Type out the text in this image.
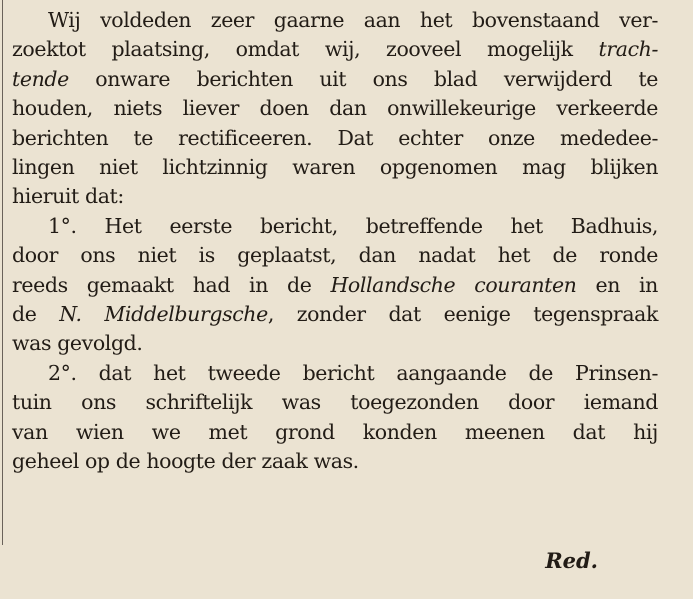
Wij voldeden zeer gaarne aan het bovenstaand ver-
zoektot plaatsing, omdat wij, zooveel mogelijk trach-
tende onware berichten uit ons blad verwijderd te
houden, niets liever doen dan onwillekeurige verkeerde
berichten te rectificeeren. Dat echter onze mededee-
lingen niet lichtzinnig waren opgenomen mag blijken
hieruit dat:
1°. Het eerste bericht, betreffende het Badhuis,
door ons niet is geplaatst, dan nadat het de ronde
reeds gemaakt had in de Hollandsche couranten en in
de N. Middelburgsche, zonder dat eenige tegenspraak
was gevolgd.
2°. dat het tweede bericht aangaande de Prinsen-
tuin ons schriftelijk was toegezonden door iemand
van wien we met grond konden meenen dat hij
geheel op de hoogte der zaak was.
Red.
